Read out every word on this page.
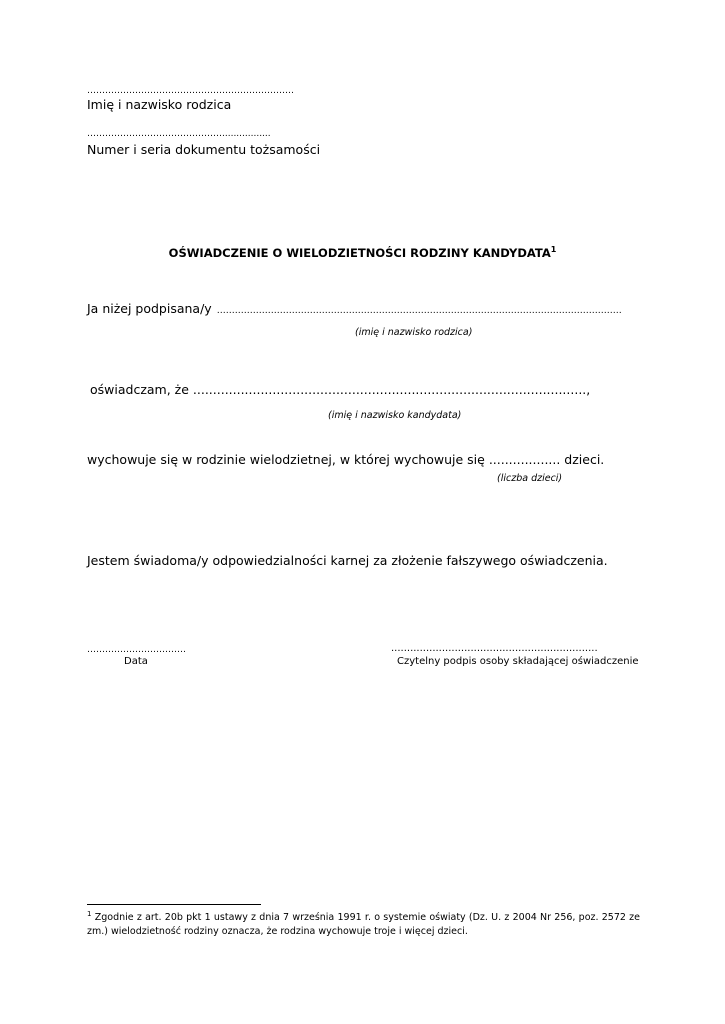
……………………………………………………………
Imię i nazwisko rodzica
……………………………………….................
Numer i seria dokumentu tożsamości
OŚWIADCZENIE O WIELODZIETNOŚCI RODZINY KANDYDATA$^1$
Ja niżej podpisana/y ………………………………………………………………………………………………………………………
(imię i nazwisko rodzica)
oświadczam, że ...................................................................................................,
(imię i nazwisko kandydata)
wychowuje się w rodzinie wielodzietnej, w której wychowuje się .................. dzieci.
(liczba dzieci)
Jestem świadoma/y odpowiedzialności karnej za złożenie fałszywego oświadczenia.
……………………………
Data
.................................................................
Czytelny podpis osoby składającej oświadczenie
$^1$ Zgodnie z art. 20b pkt 1 ustawy z dnia 7 września 1991 r. o systemie oświaty (Dz. U. z 2004 Nr 256, poz. 2572 ze zm.) wielodzietność rodziny oznacza, że rodzina wychowuje troje i więcej dzieci.
